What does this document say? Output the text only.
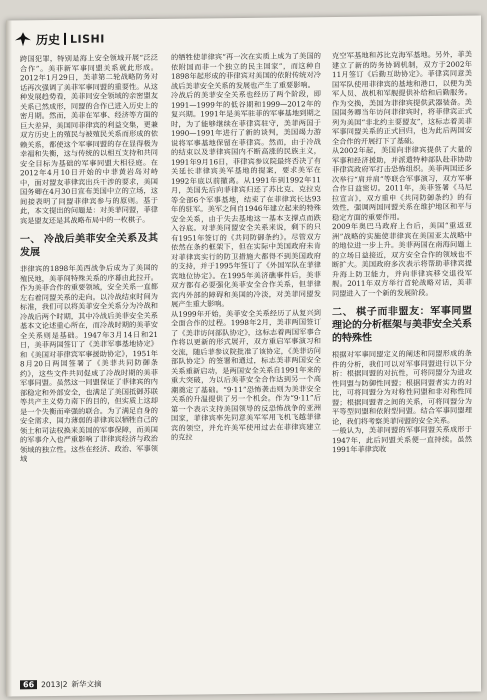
历史 LISHI

跨国犯罪，特别是海上安全领域开展“泛泛合作”。美菲新军事同盟关系就此形成。2012年1月29日，美菲第二轮战略防务对话再次强调了美菲军事同盟的重要性。从这种发展趋势看，美菲同安全领域的亲密盟友关系已然成形，同盟的合作已进入历史上的密月期。然而，美菲在军事、经济等方面的巨大差异，美国同菲律宾的利益交集，更兼双方历史上的殖民与被殖民关系而形成的依赖关系，都使这个军事同盟的存在显得极为幸福和失衡，这与传统的以相互支持和共同安全目标为基础的军事同盟大相径庭。在2012年4月10日开始的中菲黄岩岛对峙中，面对盟友菲律宾出兵干涉的要求，美国国务卿在4月30日宣布美国中立的立场，这间接表明了同盟菲律宾参与的原则。基于此，本文提出的问题是：对美菲同盟，菲律宾是盟友还是其战略布局中的一枚棋子。

一、 冷战后美菲安全关系及其发展

菲律宾的1898年美西战争后成为了美国的殖民地，美菲间特殊关系的序幕由此拉开。作为美菲合作的重要领域，安全关系一直都左右着同盟关系的走向。以冷战结束时间为标准，我们可以将美菲安全关系分为冷战和冷战后两个时期，其中冷战后美菲安全关系基本文论述重心所在，而冷战时期的美菲安全关系则是基础。1947年3月14日和21日，美菲两国签订了《美菲军事基地协定》和《美国对菲律宾军事援助协定》，1951年8月20日两国签署了《美菲共同防御条约》，这些文件共同促成了冷战时期的美菲军事同盟。虽然这一同盟保证了菲律宾的内部稳定和外部安全，也满足了美国抵御苏联等共产主义势力南下的目的，但实质上这却是一个失衡而牵强的联合。为了满足自身的安全需求，国力薄弱的菲律宾以牺牲自己的领土和司法权换来美国的军事保障，而美国的军事介入也严重影响了菲律宾经济与政治领域的独立性。这些在经济、政治、军事领域

的牺牲使菲律宾“再一次在实质上成为了美国的依附国而非一个独立的民主国家”，而这种自1898年起形成的菲律宾对美国的依附传统对冷战后美菲安全关系的发展也产生了重要影响。

冷战后的美菲安全关系也经历了两个阶段，即1991—1999年的低谷期和1999—2012年的复兴期。1991年是美军驻菲的军事基地到期之时，为了能够继续在菲律宾驻守，美菲两国于1990—1991年进行了新的谈判，美国竭力游说将军事基地保留在菲律宾。然而，由于冷战的结束以及菲律宾国内不断高涨的民族主义，1991年9月16日，菲律宾参议院最终否决了有关延长菲律宾美军基地的提案，要求美军在1992年底以前撤离。从1991年到1992年11月，美国先后向菲律宾归还了苏比克、克拉克等全部6个军事基地，结束了在菲律宾长达93年的驻军。美军之间自1946年建立起来的特殊安全关系，由于失去基地这一基本支撑点而跌入谷底。对菲美同盟安全关系来说，剩下的只有1951年签订的《共同防御条约》。尽管双方依然在条约框架下，但在实际中美国政府未肯对菲律宾实行的防卫措施大都得不到美国政府的支持，并于1995年签订了《外国军队在菲律宾地位协定》。在1995年美济礁事件后，美菲双方都有必要强化美菲安全合作关系，但菲律宾内外部的障碍和美国的冷淡，对美菲同盟发展产生重大影响。

从1999年开始，美菲安全关系经历了从复兴到全面合作的过程。1998年2月，美菲两国签订了《美菲访问部队协定》，这标志着两国军事合作将以更新的形式展开，双方重启军事演习和交流，随后菲参议院批准了该协定，《美菲访问部队协定》的签署和通过，标志美菲两国安全关系重新启动，是两国安全关系自1991年来的重大突破，为以后美菲安全合作达到另一个高潮奠定了基础。“9·11”恐怖袭击则为美菲安全关系的升温提供了另一个机会。作为“9·11”后第一个表示支持美国领导的反恐怖战争的亚洲国家，菲律宾率先同意美军军用飞机飞越菲律宾的领空，并允许美军使用过去在菲律宾建立的克拉

克空军基地和苏比克海军基地。另外，菲美建立了新的防务协调机制，双方于2002年11月签订《后勤互助协定》。菲律宾同意美国军队使用菲律宾的基地和港口，以便为美军人员、战机和军舰提供补给和后勤服务。作为交换，美国为菲律宾提供武器装备。美国国务卿当年访问菲律宾时，将菲律宾正式列为美国“非北约主要盟友”，这标志着美菲军事同盟关系的正式回归，也为此后两国安全合作的开展打下了基础。

从2002年起，美国向菲律宾提供了大量的军事和经济援助，并派遣特种部队赴菲协助菲律宾政府军打击恐怖组织。美菲两国还多次举行“肩并肩”等联合军事演习，双方军事合作日益密切。2011年，美菲签署《马尼拉宣言》，双方重申《共同防御条约》的有效性，强调两国同盟关系在维护地区和平与稳定方面的重要作用。

2009年奥巴马政府上台后，美国“重返亚洲”战略的实施使菲律宾在美国亚太战略中的地位进一步上升。美菲两国在南海问题上的立场日益接近，双方安全合作的领域也不断扩大。美国政府多次表示将帮助菲律宾提升海上防卫能力，并向菲律宾移交退役军舰。2011年双方举行首轮战略对话，美菲同盟进入了一个新的发展阶段。

二、 棋子而非盟友：军事同盟理论的分析框架与美菲安全关系的特殊性

根据对军事同盟定义的阐述和同盟形成的条件的分析，我们可以对军事同盟进行以下分析：根据同盟的对抗性，可将同盟分为进攻性同盟与防御性同盟；根据同盟者实力的对比，可将同盟分为对称性同盟和非对称性同盟；根据同盟者之间的关系，可将同盟分为平等型同盟和依附型同盟。结合军事同盟理论，我们将考察美菲同盟的安全关系。

一般认为，美菲同盟的军事同盟关系成形于1947年，此后同盟关系便一直持续。虽然1991年菲律宾收

66 2013|2 新华文摘
